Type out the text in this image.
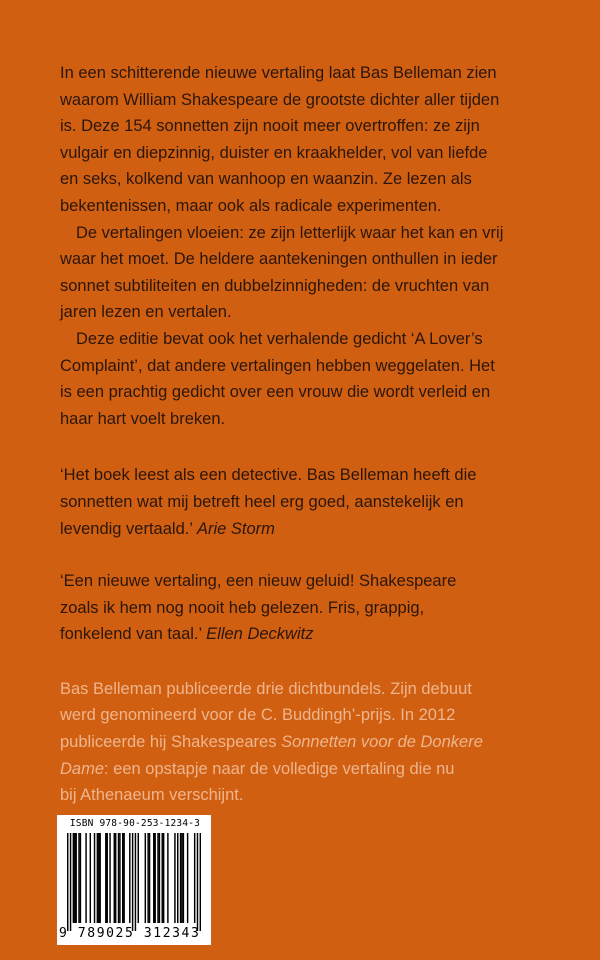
In een schitterende nieuwe vertaling laat Bas Belleman zien

waarom William Shakespeare de grootste dichter aller tijden

is. Deze 154 sonnetten zijn nooit meer overtroffen: ze zijn

vulgair en diepzinnig, duister en kraakhelder, vol van liefde

en seks, kolkend van wanhoop en waanzin. Ze lezen als

bekentenissen, maar ook als radicale experimenten.

De vertalingen vloeien: ze zijn letterlijk waar het kan en vrij

waar het moet. De heldere aantekeningen onthullen in ieder

sonnet subtiliteiten en dubbelzinnigheden: de vruchten van

jaren lezen en vertalen.

Deze editie bevat ook het verhalende gedicht ‘A Lover’s

Complaint’, dat andere vertalingen hebben weggelaten. Het

is een prachtig gedicht over een vrouw die wordt verleid en

haar hart voelt breken.

‘Het boek leest als een detective. Bas Belleman heeft die

sonnetten wat mij betreft heel erg goed, aanstekelijk en

levendig vertaald.’ Arie Storm

‘Een nieuwe vertaling, een nieuw geluid! Shakespeare

zoals ik hem nog nooit heb gelezen. Fris, grappig,

fonkelend van taal.’ Ellen Deckwitz

Bas Belleman publiceerde drie dichtbundels. Zijn debuut

werd genomineerd voor de C. Buddingh’-prijs. In 2012

publiceerde hij Shakespeares Sonnetten voor de Donkere

Dame: een opstapje naar de volledige vertaling die nu

bij Athenaeum verschijnt.

ISBN 978-90-253-1234-3
9 789025 312343
